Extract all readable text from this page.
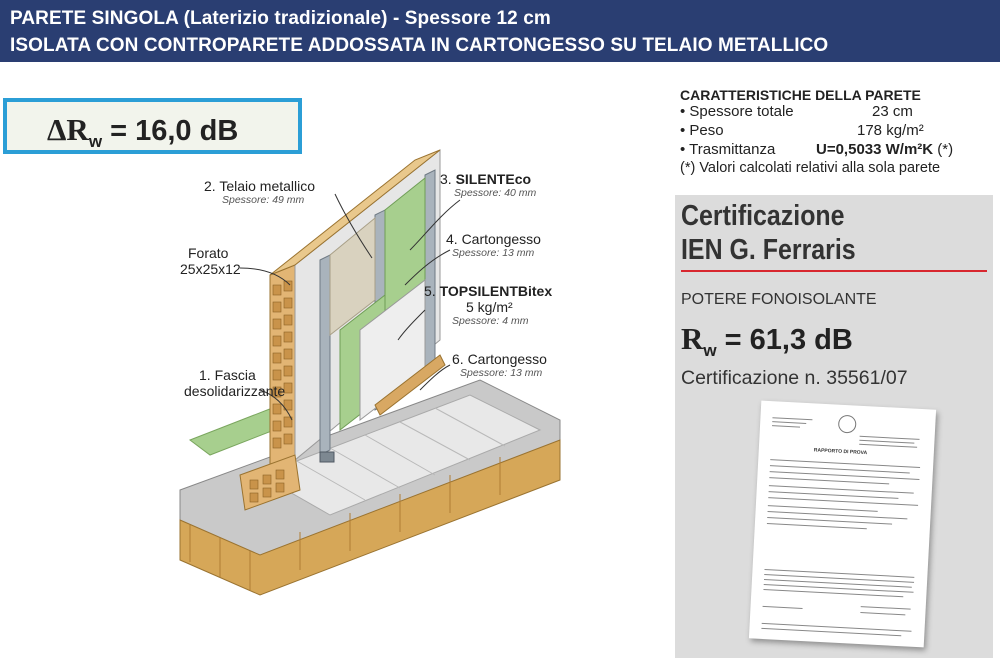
PARETE SINGOLA (Laterizio tradizionale) - Spessore 12 cm
ISOLATA CON CONTROPARETE ADDOSSATA IN CARTONGESSO SU TELAIO METALLICO
$\Delta R_w = 16,0$ dB
2. Telaio metallico
Spessore: 49 mm
3. SILENTEco
Spessore: 40 mm
Forato
25x25x12
4. Cartongesso
Spessore: 13 mm
5. TOPSILENTBitex
5 kg/m²
Spessore: 4 mm
1. Fascia
desolidarizzante
6. Cartongesso
Spessore: 13 mm
CARATTERISTICHE DELLA PARETE
• Spessore totale	23 cm
• Peso	178 kg/m²
• Trasmittanza	U=0,5033 W/m²K (*)
(*) Valori calcolati relativi alla sola parete
Certificazione
IEN G. Ferraris
POTERE FONOISOLANTE
$R_w = 61,3$ dB
Certificazione n. 35561/07
RAPPORTO DI PROVA
